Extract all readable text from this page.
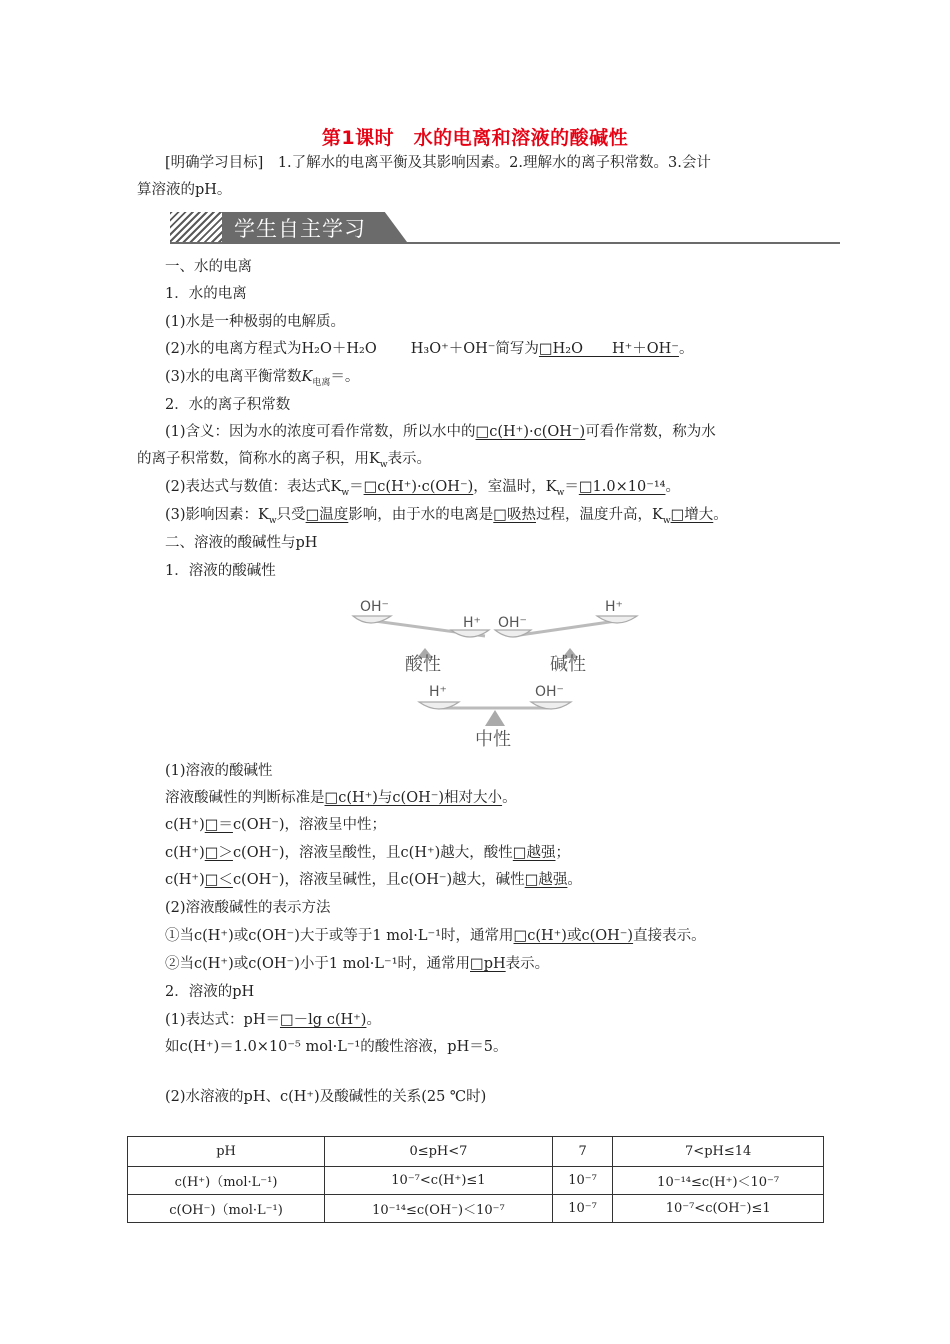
第1课时　水的电离和溶液的酸碱性
[明确学习目标]　1.了解水的电离平衡及其影响因素。2.理解水的离子积常数。3.会计
算溶液的pH。
学生自主学习
一、水的电离
1．水的电离
(1)水是一种极弱的电解质。
(2)水的电离方程式为H₂O＋H₂O H₃O⁺＋OH⁻简写为□H₂O　　H⁺＋OH⁻。
(3)水的电离平衡常数$K_{电离}=$。
2．水的离子积常数
(1)含义：因为水的浓度可看作常数，所以水中的□c(H⁺)·c(OH⁻)可看作常数，称为水
的离子积常数，简称水的离子积，用$K_w$表示。
(2)表达式与数值：表达式$K_w=□c(H^+)\cdot c(OH^-)$，室温时，$K_w=□1.0\times 10^{-14}$。
(3)影响因素：$K_w$只受□温度影响，由于水的电离是□吸热过程，温度升高，$K_w□$增大。
二、溶液的酸碱性与pH
1．溶液的酸碱性
OH⁻
H⁺
酸性
OH⁻
H⁺
碱性
H⁺	OH⁻
中性
(1)溶液的酸碱性
溶液酸碱性的判断标准是□c(H⁺)与c(OH⁻)相对大小。
c(H⁺)□＝c(OH⁻)，溶液呈中性；
c(H⁺)□＞c(OH⁻)，溶液呈酸性，且c(H⁺)越大，酸性□越强；
c(H⁺)□＜c(OH⁻)，溶液呈碱性，且c(OH⁻)越大，碱性□越强。
(2)溶液酸碱性的表示方法
①当c(H⁺)或c(OH⁻)大于或等于1 mol·L⁻¹时，通常用□c(H⁺)或c(OH⁻)直接表示。
②当c(H⁺)或c(OH⁻)小于1 mol·L⁻¹时，通常用□pH表示。
2．溶液的pH
(1)表达式：pH＝□－lg c(H⁺)。
如c(H⁺)＝1.0×10⁻⁵ mol·L⁻¹的酸性溶液，pH＝5。
(2)水溶液的pH、c(H⁺)及酸碱性的关系(25 ℃时)
pH	0≤pH<7	7	7<pH≤14
c(H⁺)（mol·L⁻¹)	10⁻⁷<c(H⁺)≤1	10⁻⁷	10⁻¹⁴≤c(H⁺)＜10⁻⁷
c(OH⁻)（mol·L⁻¹)	10⁻¹⁴≤c(OH⁻)＜10⁻⁷	10⁻⁷	10⁻⁷<c(OH⁻)≤1
